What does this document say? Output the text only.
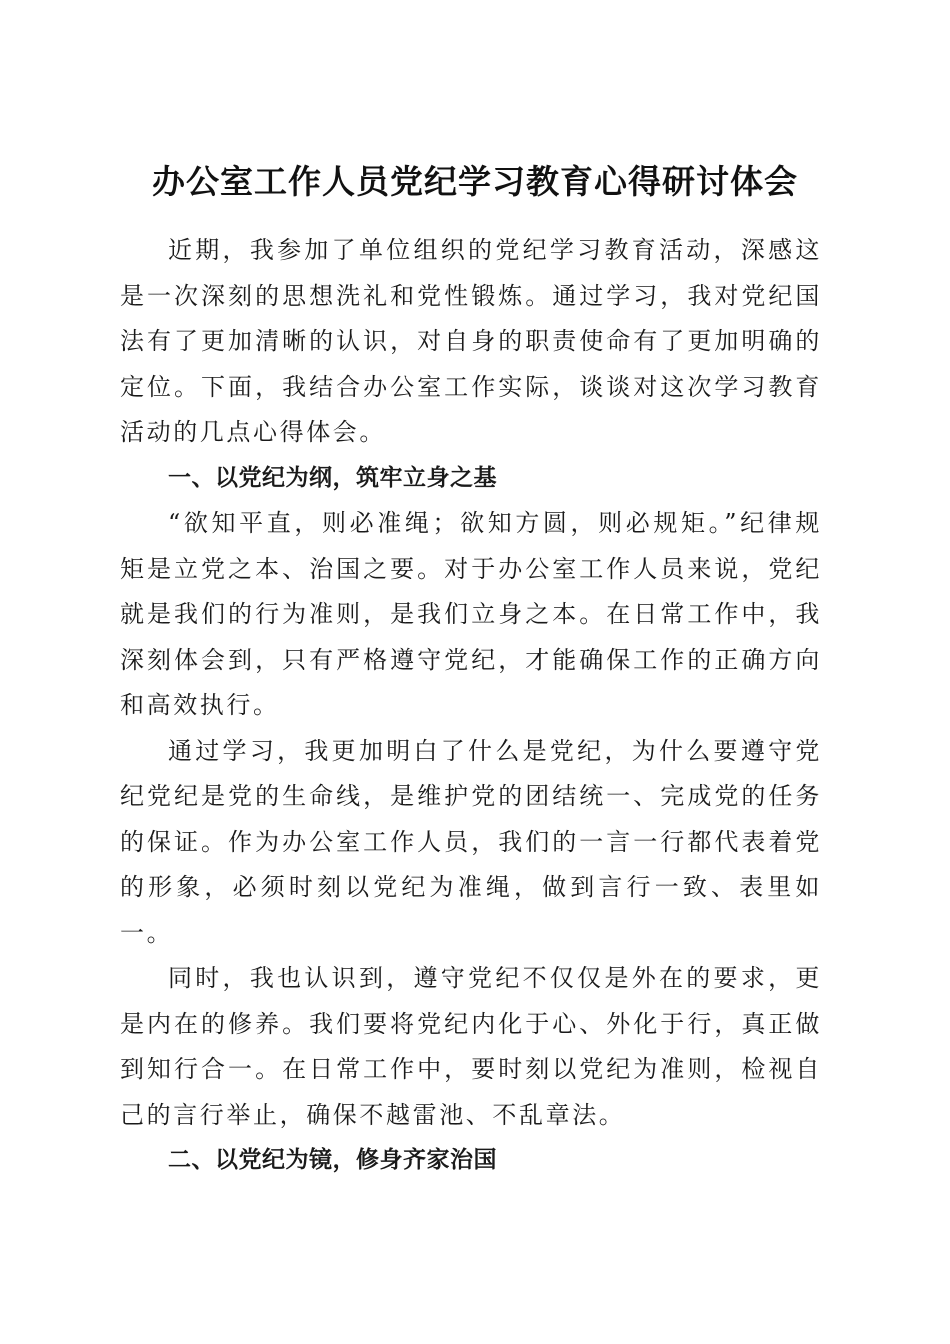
办公室工作人员党纪学习教育心得研讨体会

近期，我参加了单位组织的党纪学习教育活动，深感这是一次深刻的思想洗礼和党性锻炼。通过学习，我对党纪国法有了更加清晰的认识，对自身的职责使命有了更加明确的定位。下面，我结合办公室工作实际，谈谈对这次学习教育活动的几点心得体会。

一、以党纪为纲，筑牢立身之基

“欲知平直，则必准绳；欲知方圆，则必规矩。”纪律规矩是立党之本、治国之要。对于办公室工作人员来说，党纪就是我们的行为准则，是我们立身之本。在日常工作中，我深刻体会到，只有严格遵守党纪，才能确保工作的正确方向和高效执行。

通过学习，我更加明白了什么是党纪，为什么要遵守党纪党纪是党的生命线，是维护党的团结统一、完成党的任务的保证。作为办公室工作人员，我们的一言一行都代表着党的形象，必须时刻以党纪为准绳，做到言行一致、表里如一。

同时，我也认识到，遵守党纪不仅仅是外在的要求，更是内在的修养。我们要将党纪内化于心、外化于行，真正做到知行合一。在日常工作中，要时刻以党纪为准则，检视自己的言行举止，确保不越雷池、不乱章法。

二、以党纪为镜，修身齐家治国
